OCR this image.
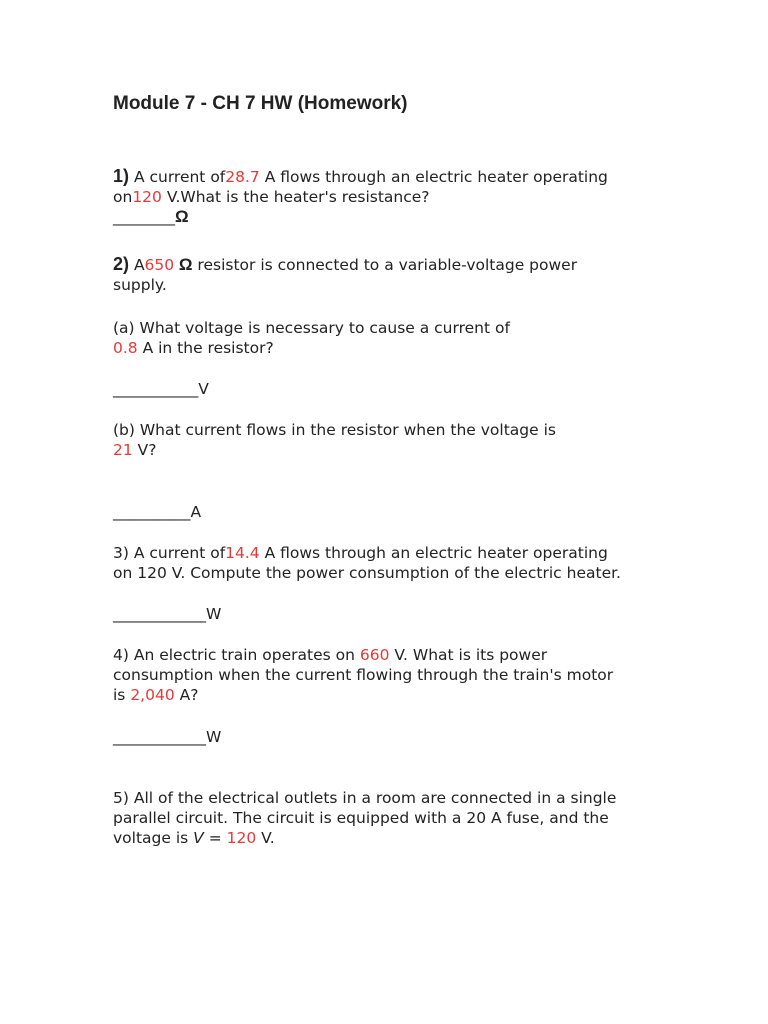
Module 7 - CH 7 HW (Homework)
1) A current of28.7 A flows through an electric heater operating
on120 V.What is the heater's resistance?
________Ω
2) A650 Ω resistor is connected to a variable-voltage power
supply.
(a) What voltage is necessary to cause a current of
0.8 A in the resistor?
___________V
(b) What current flows in the resistor when the voltage is
21 V?
__________A
3) A current of14.4 A flows through an electric heater operating
on 120 V. Compute the power consumption of the electric heater.
____________W
4) An electric train operates on 660 V. What is its power
consumption when the current flowing through the train's motor
is 2,040 A?
____________W
5) All of the electrical outlets in a room are connected in a single
parallel circuit. The circuit is equipped with a 20 A fuse, and the
voltage is V = 120 V.
